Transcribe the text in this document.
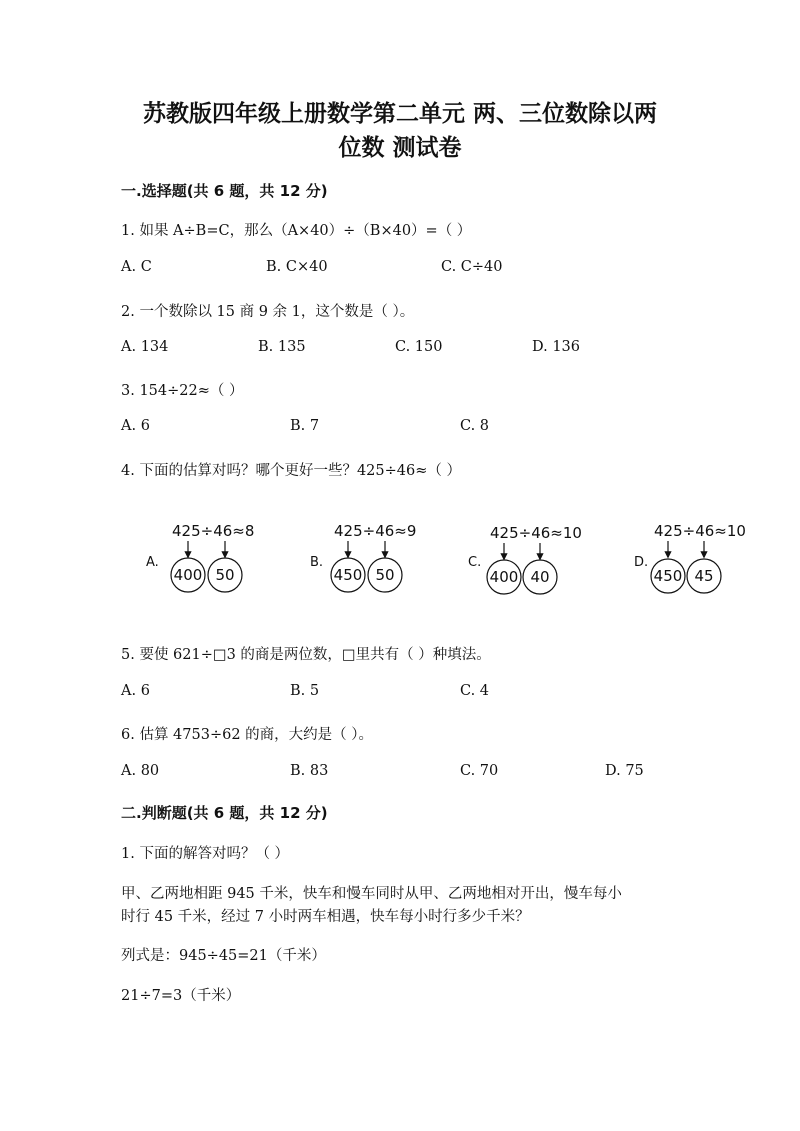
苏教版四年级上册数学第二单元 两、三位数除以两
位数 测试卷
一.选择题(共 6 题，共 12 分)
1. 如果 A÷B=C，那么（A×40）÷（B×40）=（ ）
A. C	B. C×40	C. C÷40
2. 一个数除以 15 商 9 余 1，这个数是（ ）。
A. 134	B. 135	C. 150	D. 136
3. 154÷22≈（ ）
A. 6	B. 7	C. 8
4. 下面的估算对吗？哪个更好一些？425÷46≈（ ）
A.
425÷46≈8
400 50
B.
425÷46≈9
450 50
C.
425÷46≈10
400 40
D.
425÷46≈10
450 45
5. 要使 621÷□3 的商是两位数，□里共有（ ）种填法。
A. 6	B. 5	C. 4
6. 估算 4753÷62 的商，大约是（ ）。
A. 80	B. 83	C. 70	D. 75
二.判断题(共 6 题，共 12 分)
1. 下面的解答对吗？（ ）
甲、乙两地相距 945 千米，快车和慢车同时从甲、乙两地相对开出，慢车每小
时行 45 千米，经过 7 小时两车相遇，快车每小时行多少千米？
列式是：945÷45=21（千米）
21÷7=3（千米）
